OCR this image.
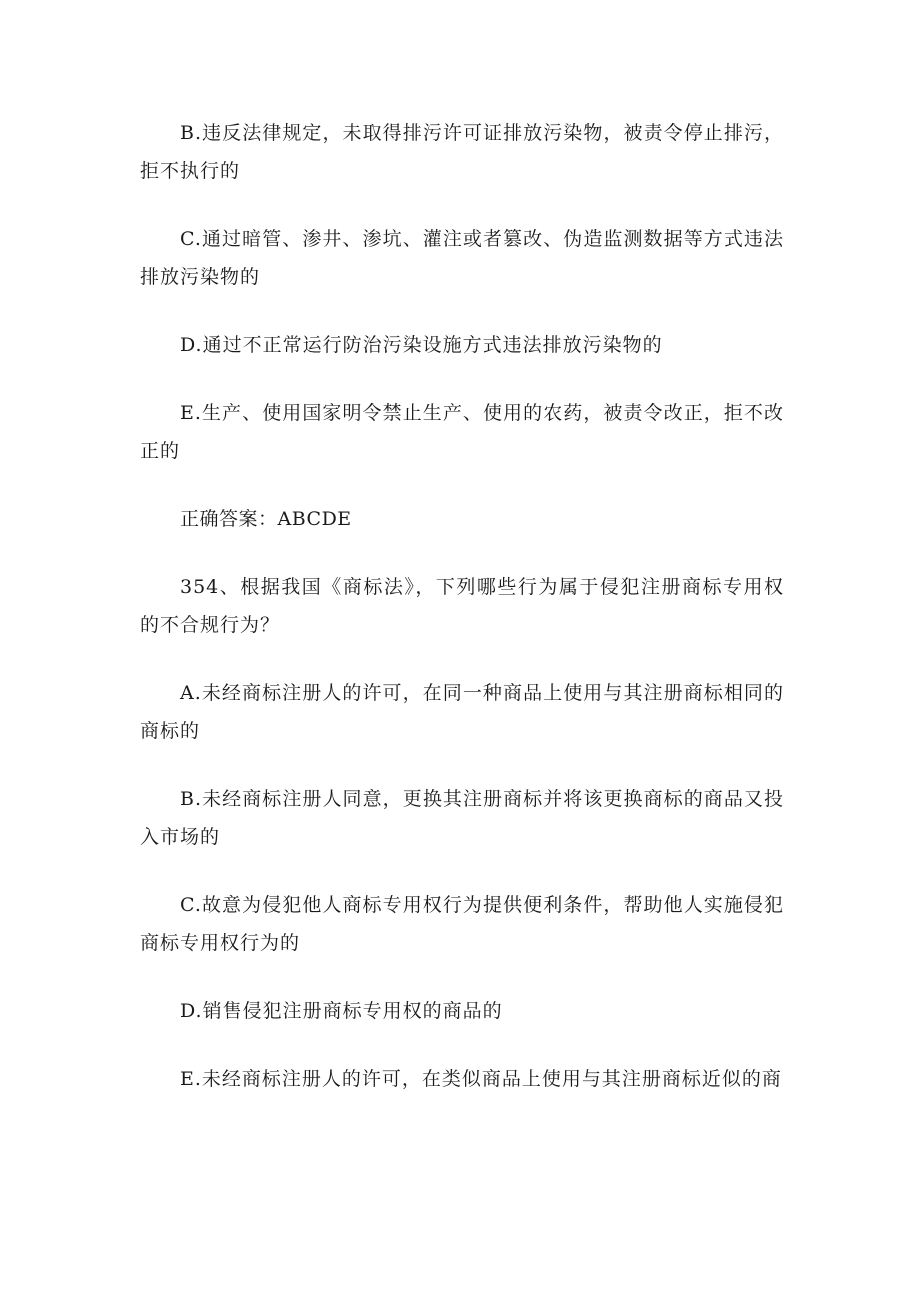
B.违反法律规定，未取得排污许可证排放污染物，被责令停止排污，拒不执行的

C.通过暗管、渗井、渗坑、灌注或者篡改、伪造监测数据等方式违法排放污染物的

D.通过不正常运行防治污染设施方式违法排放污染物的

E.生产、使用国家明令禁止生产、使用的农药，被责令改正，拒不改正的

正确答案：ABCDE

354、根据我国《商标法》，下列哪些行为属于侵犯注册商标专用权的不合规行为？

A.未经商标注册人的许可，在同一种商品上使用与其注册商标相同的商标的

B.未经商标注册人同意，更换其注册商标并将该更换商标的商品又投入市场的

C.故意为侵犯他人商标专用权行为提供便利条件，帮助他人实施侵犯商标专用权行为的

D.销售侵犯注册商标专用权的商品的

E.未经商标注册人的许可，在类似商品上使用与其注册商标近似的商
